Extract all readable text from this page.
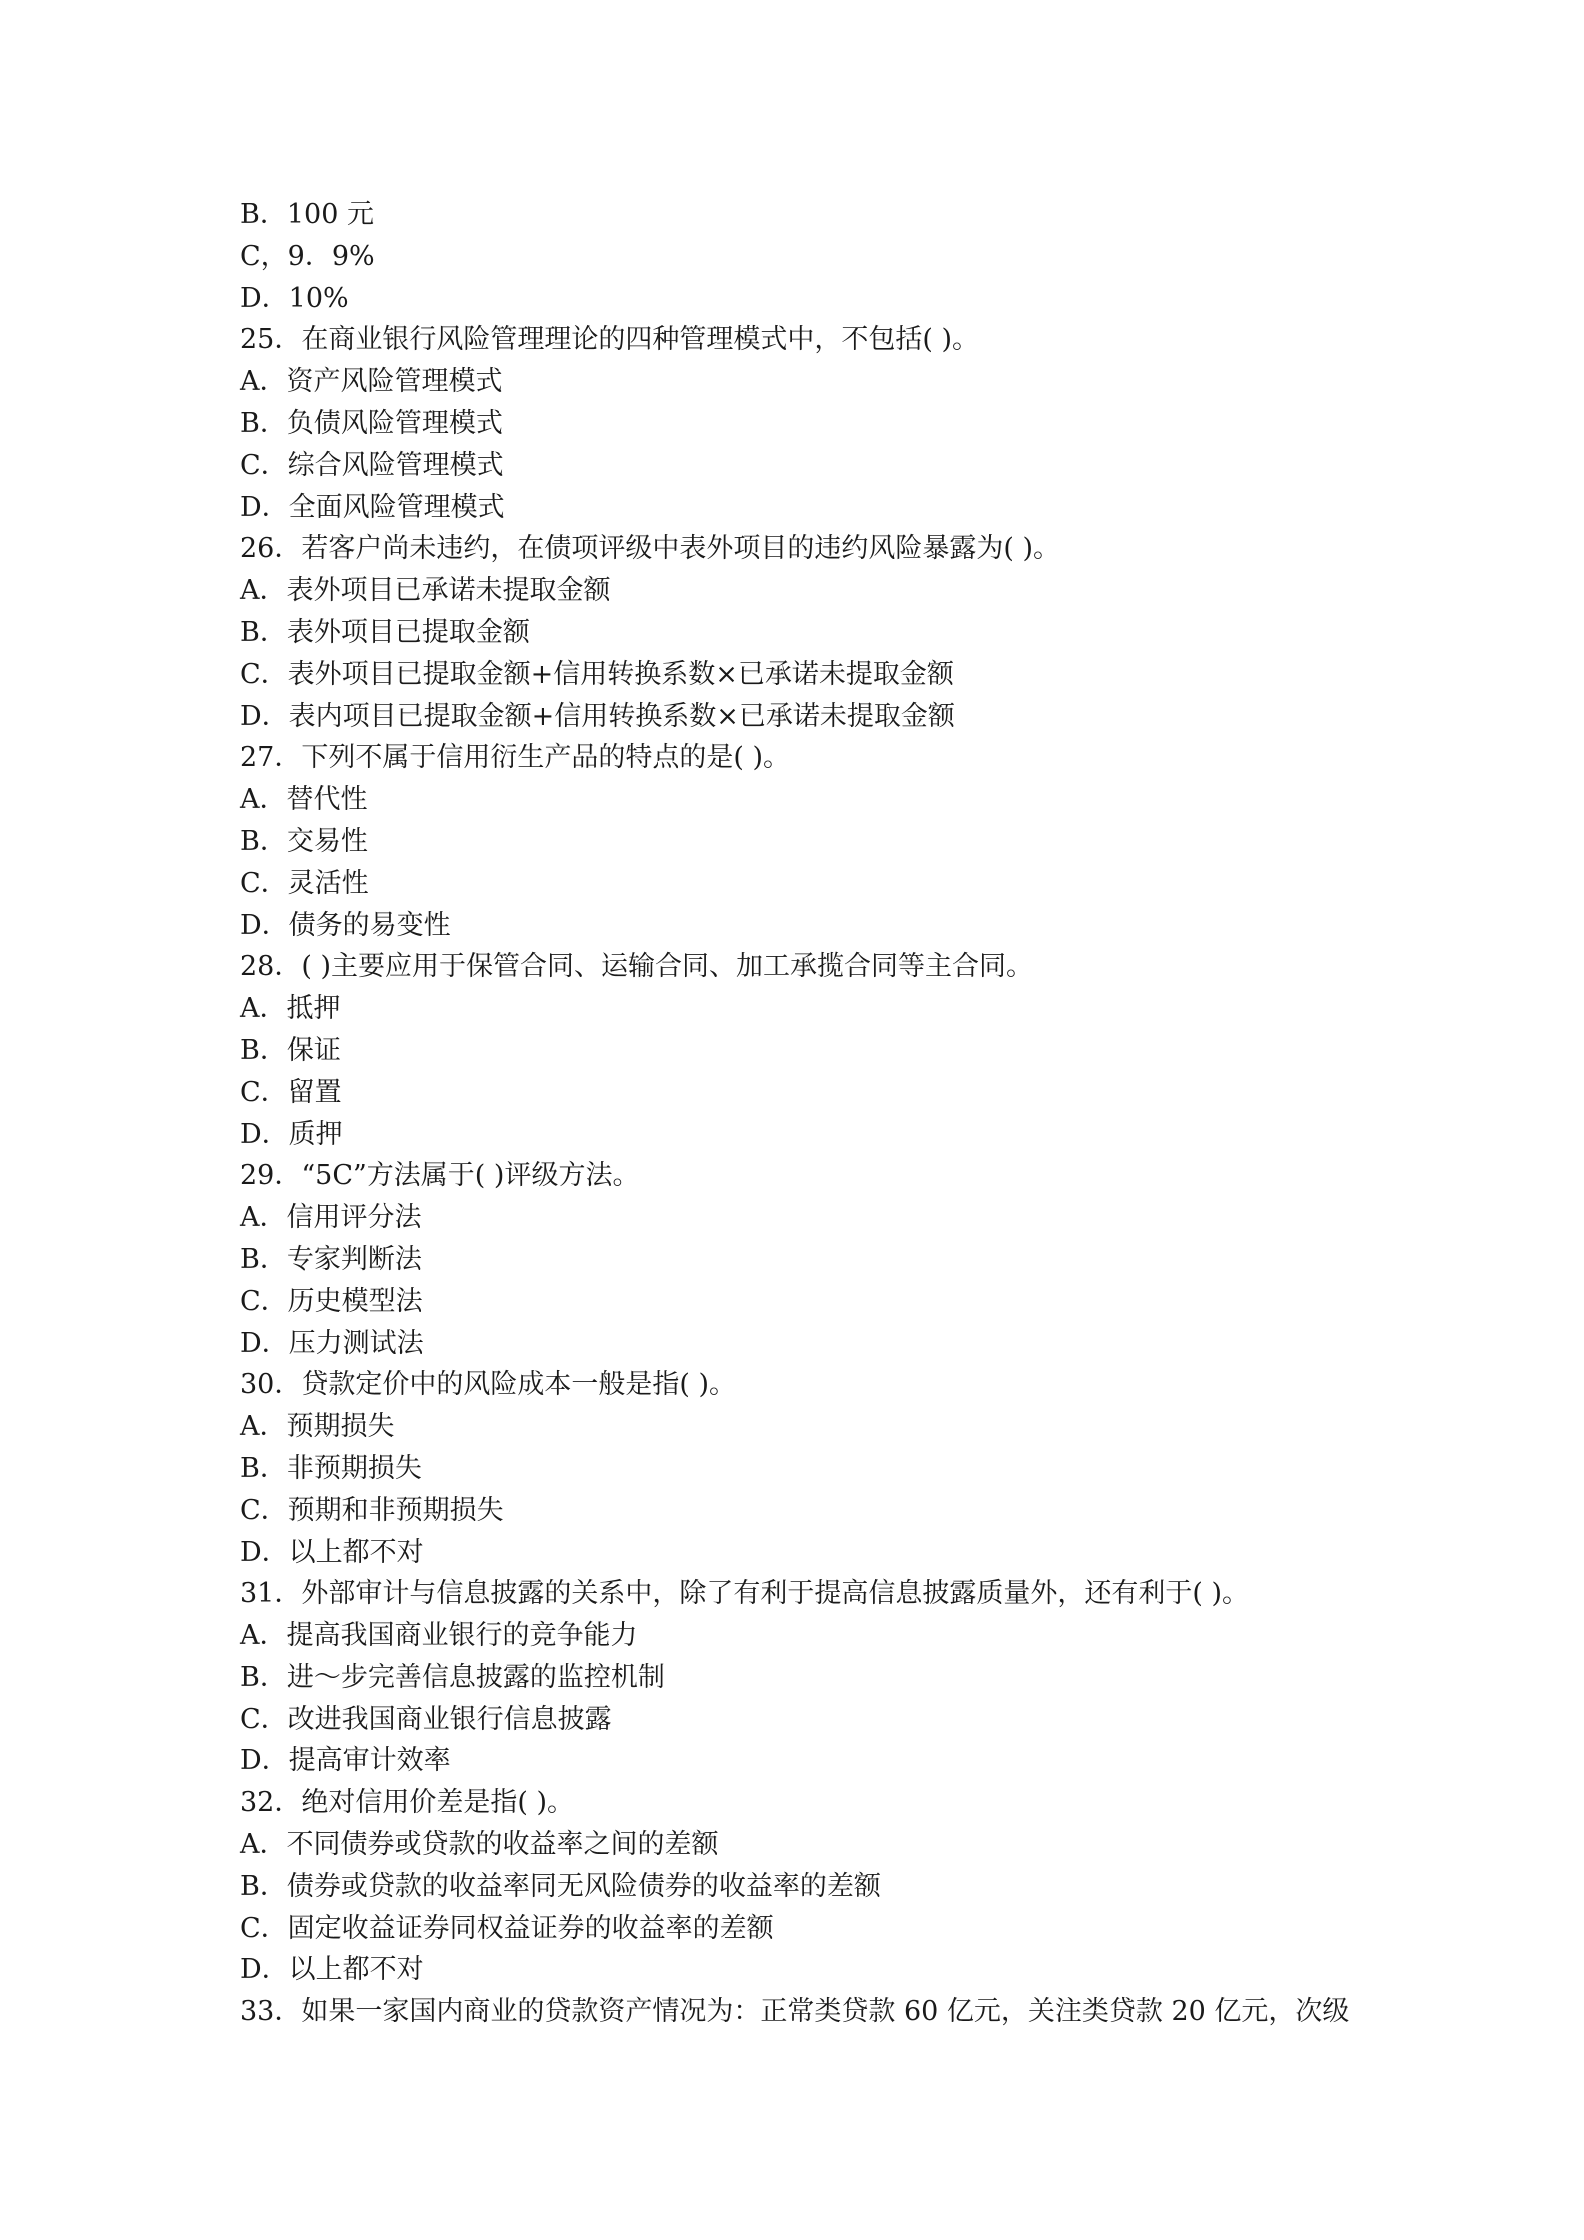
B．100 元
C，9．9%
D．10%
25．在商业银行风险管理理论的四种管理模式中，不包括( )。
A．资产风险管理模式
B．负债风险管理模式
C．综合风险管理模式
D．全面风险管理模式
26．若客户尚未违约，在债项评级中表外项目的违约风险暴露为( )。
A．表外项目已承诺未提取金额
B．表外项目已提取金额
C．表外项目已提取金额+信用转换系数×已承诺未提取金额
D．表内项目已提取金额+信用转换系数×已承诺未提取金额
27．下列不属于信用衍生产品的特点的是( )。
A．替代性
B．交易性
C．灵活性
D．债务的易变性
28．( )主要应用于保管合同、运输合同、加工承揽合同等主合同。
A．抵押
B．保证
C．留置
D．质押
29．“5C”方法属于( )评级方法。
A．信用评分法
B．专家判断法
C．历史模型法
D．压力测试法
30．贷款定价中的风险成本一般是指( )。
A．预期损失
B．非预期损失
C．预期和非预期损失
D．以上都不对
31．外部审计与信息披露的关系中，除了有利于提高信息披露质量外，还有利于( )。
A．提高我国商业银行的竞争能力
B．进～步完善信息披露的监控机制
C．改进我国商业银行信息披露
D．提高审计效率
32．绝对信用价差是指( )。
A．不同债券或贷款的收益率之间的差额
B．债券或贷款的收益率同无风险债券的收益率的差额
C．固定收益证券同权益证券的收益率的差额
D．以上都不对
33．如果一家国内商业的贷款资产情况为：正常类贷款 60 亿元，关注类贷款 20 亿元，次级
